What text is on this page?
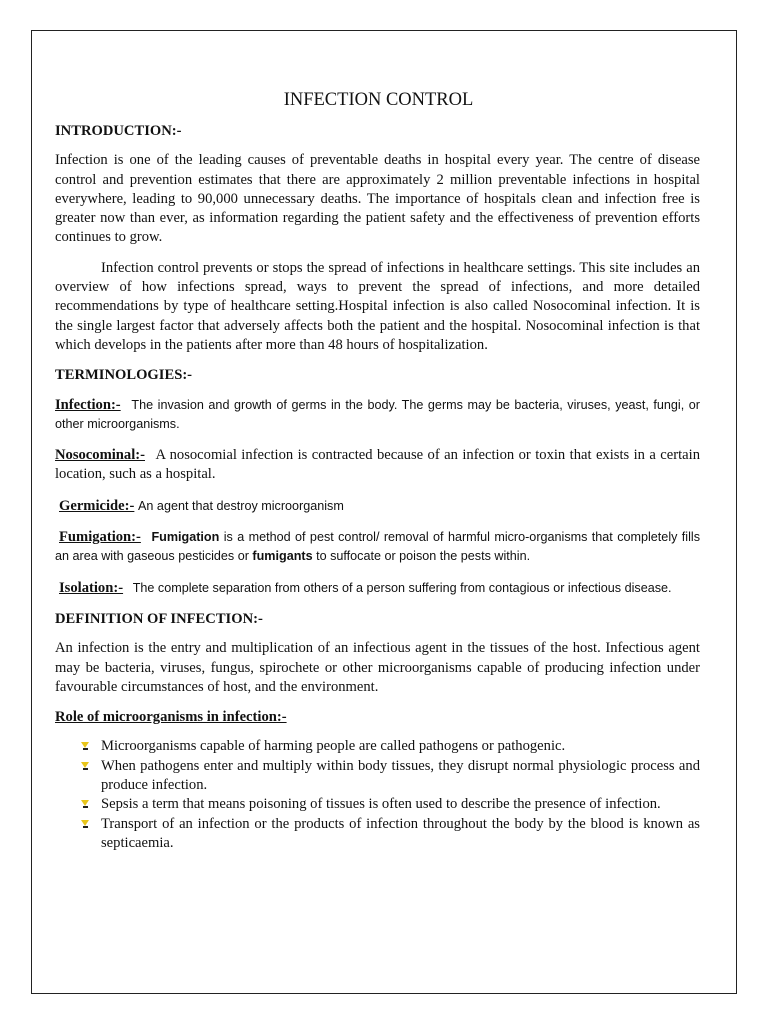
INFECTION CONTROL
INTRODUCTION:-

Infection is one of the leading causes of preventable deaths in hospital every year. The centre of disease control and prevention estimates that there are approximately 2 million preventable infections in hospital everywhere, leading to 90,000 unnecessary deaths. The importance of hospitals clean and infection free is greater now than ever, as information regarding the patient safety and the effectiveness of prevention efforts continues to grow.

Infection control prevents or stops the spread of infections in healthcare settings. This site includes an overview of how infections spread, ways to prevent the spread of infections, and more detailed recommendations by type of healthcare setting.Hospital infection is also called Nosocominal infection. It is the single largest factor that adversely affects both the patient and the hospital. Nosocominal infection is that which develops in the patients after more than 48 hours of hospitalization.

TERMINOLOGIES:-

Infection:- The invasion and growth of germs in the body. The germs may be bacteria, viruses, yeast, fungi, or other microorganisms.

Nosocominal:- A nosocomial infection is contracted because of an infection or toxin that exists in a certain location, such as a hospital.

Germicide:- An agent that destroy microorganism

Fumigation:- Fumigation is a method of pest control/ removal of harmful micro-organisms that completely fills an area with gaseous pesticides or fumigants to suffocate or poison the pests within.

Isolation:- The complete separation from others of a person suffering from contagious or infectious disease.

DEFINITION OF INFECTION:-

An infection is the entry and multiplication of an infectious agent in the tissues of the host. Infectious agent may be bacteria, viruses, fungus, spirochete or other microorganisms capable of producing infection under favourable circumstances of host, and the environment.

Role of microorganisms in infection:-
Microorganisms capable of harming people are called pathogens or pathogenic.
When pathogens enter and multiply within body tissues, they disrupt normal physiologic process and produce infection.
Sepsis a term that means poisoning of tissues is often used to describe the presence of infection.
Transport of an infection or the products of infection throughout the body by the blood is known as septicaemia.
